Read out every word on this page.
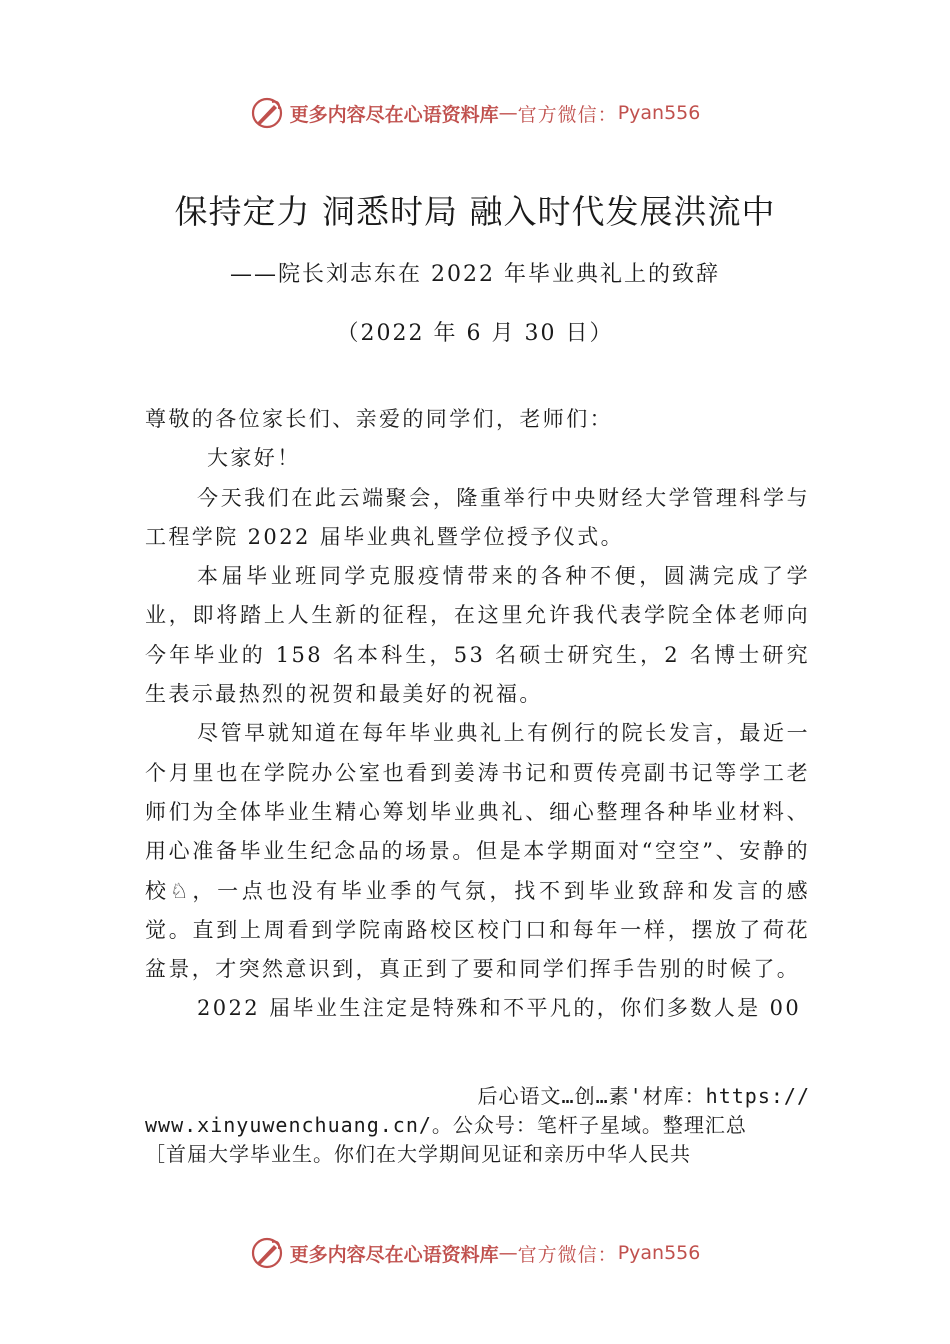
更多内容尽在心语资料库 — 官方微信： Pyan556
保持定力 洞悉时局 融入时代发展洪流中
——院长刘志东在 2022 年毕业典礼上的致辞
（2022 年 6 月 30 日）

尊敬的各位家长们、亲爱的同学们，老师们：

大家好！

今天我们在此云端聚会，隆重举行中央财经大学管理科学与工程学院 2022 届毕业典礼暨学位授予仪式。

本届毕业班同学克服疫情带来的各种不便，圆满完成了学业，即将踏上人生新的征程，在这里允许我代表学院全体老师向今年毕业的 158 名本科生，53 名硕士研究生，2 名博士研究生表示最热烈的祝贺和最美好的祝福。

尽管早就知道在每年毕业典礼上有例行的院长发言，最近一个月里也在学院办公室也看到姜涛书记和贾传亮副书记等学工老师们为全体毕业生精心筹划毕业典礼、细心整理各种毕业材料、用心准备毕业生纪念品的场景。但是本学期面对“空空”、安静的校♘，一点也没有毕业季的气氛，找不到毕业致辞和发言的感觉。直到上周看到学院南路校区校门口和每年一样，摆放了荷花盆景，才突然意识到，真正到了要和同学们挥手告别的时候了。

2022 届毕业生注定是特殊和不平凡的，你们多数人是 00

后心语文…创…素'材库：https://
www.xinyuwenchuang.cn/。公众号：笔杆子星域。整理汇总
［首届大学毕业生。你们在大学期间见证和亲历中华人民共
更多内容尽在心语资料库 — 官方微信： Pyan556
